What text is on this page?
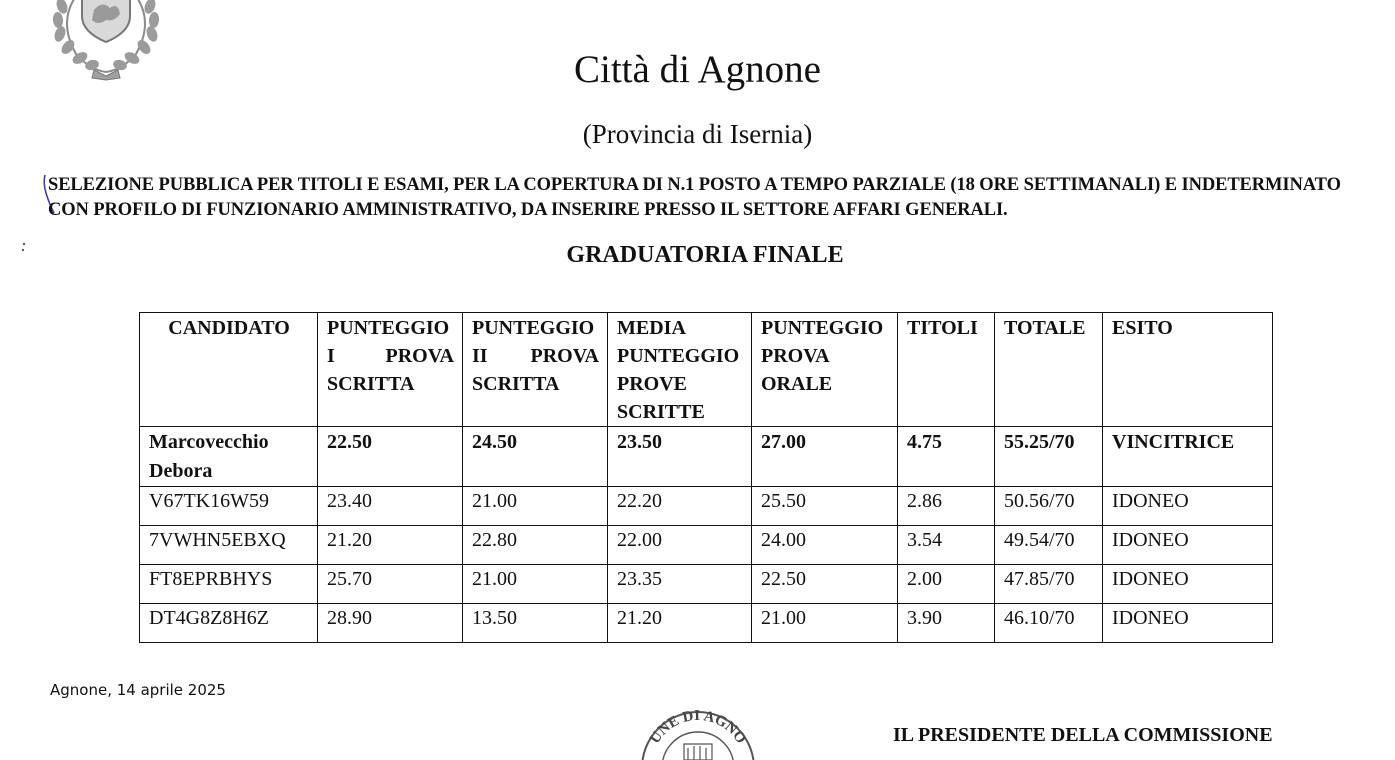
Città di Agnone
(Provincia di Isernia)
SELEZIONE PUBBLICA PER TITOLI E ESAMI, PER LA COPERTURA DI N.1 POSTO A TEMPO PARZIALE (18 ORE SETTIMANALI) E INDETERMINATO
CON PROFILO DI FUNZIONARIO AMMINISTRATIVO, DA INSERIRE PRESSO IL SETTORE AFFARI GENERALI.
GRADUATORIA FINALE
CANDIDATO	PUNTEGGIO I PROVA SCRITTA	PUNTEGGIO II PROVA SCRITTA	MEDIA PUNTEGGIO PROVE SCRITTE	PUNTEGGIO PROVA ORALE	TITOLI	TOTALE	ESITO
Marcovecchio Debora	22.50	24.50	23.50	27.00	4.75	55.25/70	VINCITRICE
V67TK16W59	23.40	21.00	22.20	25.50	2.86	50.56/70	IDONEO
7VWHN5EBXQ	21.20	22.80	22.00	24.00	3.54	49.54/70	IDONEO
FT8EPRBHYS	25.70	21.00	23.35	22.50	2.00	47.85/70	IDONEO
DT4G8Z8H6Z	28.90	13.50	21.20	21.00	3.90	46.10/70	IDONEO
Agnone, 14 aprile 2025
UNE DI AGNO	IL PRESIDENTE DELLA COMMISSIONE
